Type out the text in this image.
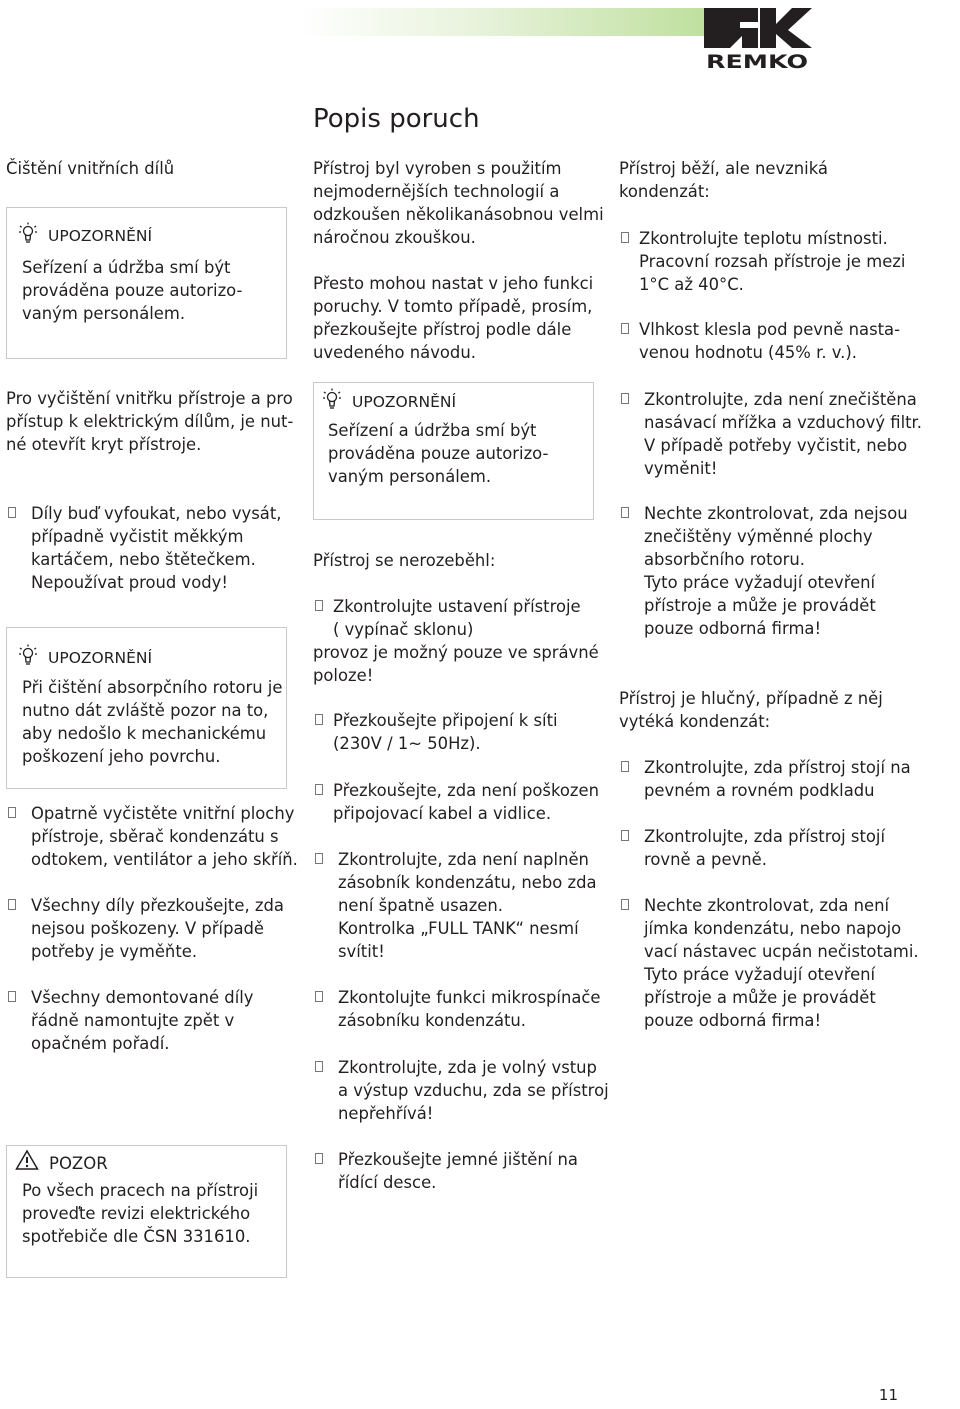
REMKO
Popis poruch
Čištění vnitřních dílů
UPOZORNĚNÍ
Seřízení a údržba smí být
prováděna pouze autorizo-
vaným personálem.
Pro vyčištění vnitřku přístroje a pro
přístup k elektrickým dílům, je nut-
né otevřít kryt přístroje.
Díly buď vyfoukat, nebo vysát,
případně vyčistit měkkým
kartáčem, nebo štětečkem.
Nepoužívat proud vody!
UPOZORNĚNÍ
Při čištění absorpčního rotoru je
nutno dát zvláště pozor na to,
aby nedošlo k mechanickému
poškození jeho povrchu.
Opatrně vyčistěte vnitřní plochy
přístroje, sběrač kondenzátu s
odtokem, ventilátor a jeho skříň.
Všechny díly přezkoušejte, zda
nejsou poškozeny. V případě
potřeby je vyměňte.
Všechny demontované díly
řádně namontujte zpět v
opačném pořadí.
POZOR
Po všech pracech na přístroji
proveďte revizi elektrického
spotřebiče dle ČSN 331610.
Přístroj byl vyroben s použitím
nejmodernějších technologií a
odzkoušen několikanásobnou velmi
náročnou zkouškou.
Přesto mohou nastat v jeho funkci
poruchy. V tomto případě, prosím,
přezkoušejte přístroj podle dále
uvedeného návodu.
UPOZORNĚNÍ
Seřízení a údržba smí být
prováděna pouze autorizo-
vaným personálem.
Přístroj se nerozeběhl:
Zkontrolujte ustavení přístroje
( vypínač sklonu)
provoz je možný pouze ve správné
poloze!
Přezkoušejte připojení k síti
(230V / 1~ 50Hz).
Přezkoušejte, zda není poškozen
připojovací kabel a vidlice.
Zkontrolujte, zda není naplněn
zásobník kondenzátu, nebo zda
není špatně usazen.
Kontrolka „FULL TANK“ nesmí
svítit!
Zkontolujte funkci mikrospínače
zásobníku kondenzátu.
Zkontrolujte, zda je volný vstup
a výstup vzduchu, zda se přístroj
nepřehřívá!
Přezkoušejte jemné jištění na
řídící desce.
Přístroj běží, ale nevzniká
kondenzát:
Zkontrolujte teplotu místnosti.
Pracovní rozsah přístroje je mezi
1°C až 40°C.
Vlhkost klesla pod pevně nasta-
venou hodnotu (45% r. v.).
Zkontrolujte, zda není znečištěna
nasávací mřížka a vzduchový filtr.
V případě potřeby vyčistit, nebo
vyměnit!
Nechte zkontrolovat, zda nejsou
znečištěny výměnné plochy
absorbčního rotoru.
Tyto práce vyžadují otevření
přístroje a může je provádět
pouze odborná firma!
Přístroj je hlučný, případně z něj
vytéká kondenzát:
Zkontrolujte, zda přístroj stojí na
pevném a rovném podkladu
Zkontrolujte, zda přístroj stojí
rovně a pevně.
Nechte zkontrolovat, zda není
jímka kondenzátu, nebo napojo
vací nástavec ucpán nečistotami.
Tyto práce vyžadují otevření
přístroje a může je provádět
pouze odborná firma!
11
